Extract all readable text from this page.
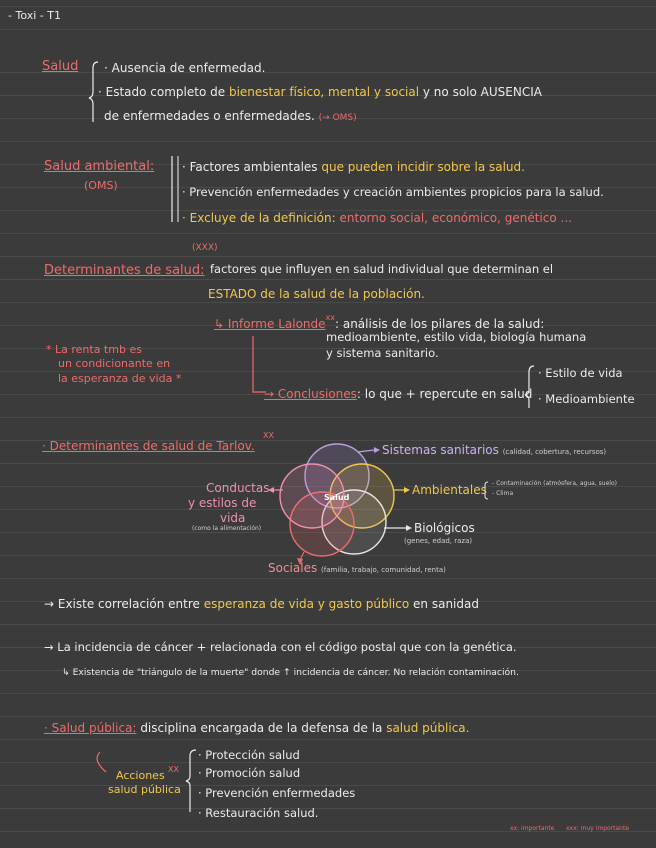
- Toxi - T1
Salud · Ausencia de enfermedad.
· Estado completo de bienestar físico, mental y social y no solo AUSENCIA
de enfermedades o enfermedades. (→ OMS)
Salud ambiental:
(OMS)
· Factores ambientales que pueden incidir sobre la salud.
· Prevención enfermedades y creación ambientes propicios para la salud.
· Excluye de la definición: entorno social, económico, genético ...
(XXX)
Determinantes de salud: factores que influyen en salud individual que determinan el
ESTADO de la salud de la población.
↳ Informe Lalonde$^{xx}$: análisis de los pilares de la salud:
medioambiente, estilo vida, biología humana
y sistema sanitario.
* La renta tmb es
un condicionante en
la esperanza de vida *
→ Conclusiones: lo que + repercute en salud
· Estilo de vida
· Medioambiente
· Determinantes de salud de Tarlov.
XX
Salud
Sistemas sanitarios (calidad, cobertura, recursos)
Ambientales - Contaminación (atmósfera, agua, suelo)
- Clima
Biológicos
(genes, edad, raza)
Sociales (familia, trabajo, comunidad, renta)
Conductas
y estilos de
vida
(como la alimentación)
→ Existe correlación entre esperanza de vida y gasto público en sanidad
→ La incidencia de cáncer + relacionada con el código postal que con la genética.
↳ Existencia de "triángulo de la muerte" donde ↑ incidencia de cáncer. No relación contaminación.
· Salud pública: disciplina encargada de la defensa de la salud pública.
Acciones
salud pública
XX
· Protección salud
· Promoción salud
· Prevención enfermedades
· Restauración salud.
xx: importante xxx: muy importante
